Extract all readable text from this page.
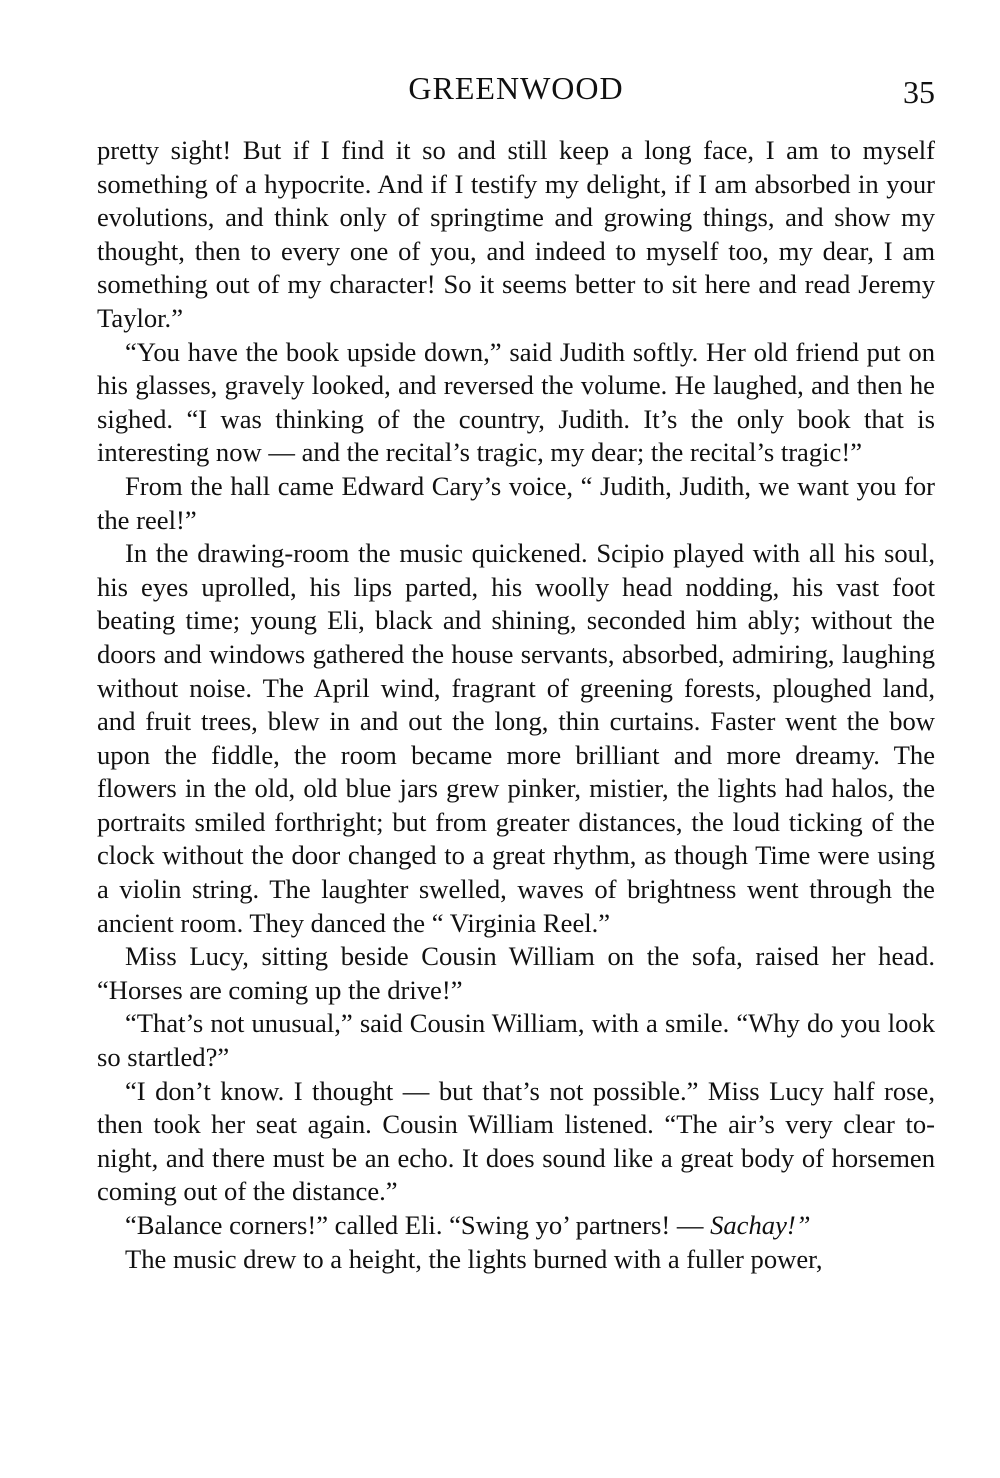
GREENWOOD	35

pretty sight! But if I find it so and still keep a long face, I am to myself something of a hypocrite. And if I testify my delight, if I am absorbed in your evolutions, and think only of springtime and growing things, and show my thought, then to every one of you, and indeed to myself too, my dear, I am something out of my character! So it seems better to sit here and read Jeremy Taylor.”

“You have the book upside down,” said Judith softly. Her old friend put on his glasses, gravely looked, and reversed the volume. He laughed, and then he sighed. “I was thinking of the country, Judith. It’s the only book that is interesting now — and the recital’s tragic, my dear; the recital’s tragic!”

From the hall came Edward Cary’s voice, “ Judith, Judith, we want you for the reel!”

In the drawing-room the music quickened. Scipio played with all his soul, his eyes uprolled, his lips parted, his woolly head nodding, his vast foot beating time; young Eli, black and shining, seconded him ably; without the doors and windows gathered the house servants, absorbed, admiring, laughing without noise. The April wind, fragrant of greening forests, ploughed land, and fruit trees, blew in and out the long, thin curtains. Faster went the bow upon the fiddle, the room became more brilliant and more dreamy. The flowers in the old, old blue jars grew pinker, mistier, the lights had halos, the portraits smiled forthright; but from greater distances, the loud ticking of the clock without the door changed to a great rhythm, as though Time were using a violin string. The laughter swelled, waves of brightness went through the ancient room. They danced the “ Virginia Reel.”

Miss Lucy, sitting beside Cousin William on the sofa, raised her head. “Horses are coming up the drive!”

“That’s not unusual,” said Cousin William, with a smile. “Why do you look so startled?”

“I don’t know. I thought — but that’s not possible.” Miss Lucy half rose, then took her seat again. Cousin William listened. “The air’s very clear to-night, and there must be an echo. It does sound like a great body of horsemen coming out of the distance.”

“Balance corners!” called Eli. “Swing yo’ partners! — Sachay!”

The music drew to a height, the lights burned with a fuller power,
